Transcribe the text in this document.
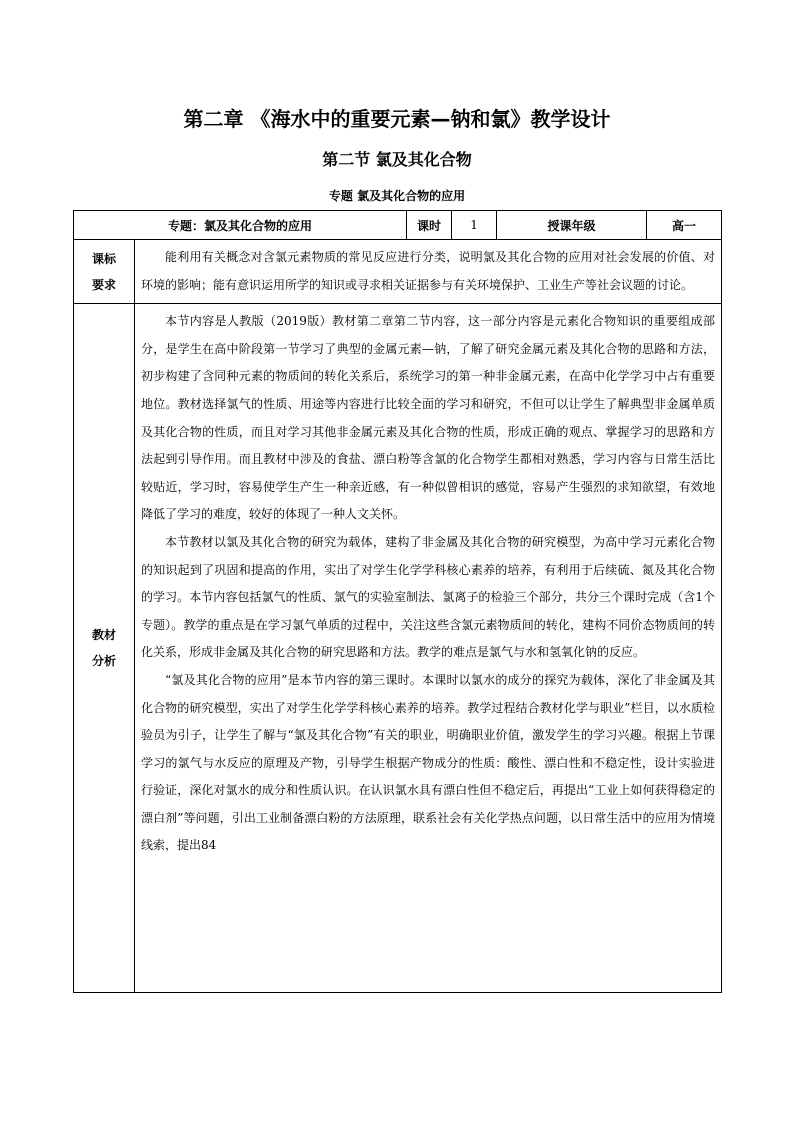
第二章 《海水中的重要元素—钠和氯》教学设计
第二节 氯及其化合物
专题 氯及其化合物的应用
专题：氯及其化合物的应用		课时	1	授课年级	高一

课标要求	能利用有关概念对含氯元素物质的常见反应进行分类，说明氯及其化合物的应用对社会发展的价值、对环境的影响；能有意识运用所学的知识或寻求相关证据参与有关环境保护、工业生产等社会议题的讨论。				

教材分析	本节内容是人教版（2019版）教材第二章第二节内容，这一部分内容是元素化合物知识的重要组成部分，是学生在高中阶段第一节学习了典型的金属元素—钠，了解了研究金属元素及其化合物的思路和方法，初步构建了含同种元素的物质间的转化关系后，系统学习的第一种非金属元素，在高中化学学习中占有重要地位。教材选择氯气的性质、用途等内容进行比较全面的学习和研究，不但可以让学生了解典型非金属单质及其化合物的性质，而且对学习其他非金属元素及其化合物的性质，形成正确的观点、掌握学习的思路和方法起到引导作用。而且教材中涉及的食盐、漂白粉等含氯的化合物学生都相对熟悉，学习内容与日常生活比较贴近，学习时，容易使学生产生一种亲近感，有一种似曾相识的感觉，容易产生强烈的求知欲望，有效地降低了学习的难度，较好的体现了一种人文关怀。

本节教材以氯及其化合物的研究为载体，建构了非金属及其化合物的研究模型，为高中学习元素化合物的知识起到了巩固和提高的作用，实出了对学生化学学科核心素养的培养，有利用于后续硫、氮及其化合物的学习。本节内容包括氯气的性质、氯气的实验室制法、氯离子的检验三个部分，共分三个课时完成（含1个专题）。教学的重点是在学习氯气单质的过程中，关注这些含氯元素物质间的转化，建构不同价态物质间的转化关系，形成非金属及其化合物的研究思路和方法。教学的难点是氯气与水和氢氧化钠的反应。

“氯及其化合物的应用”是本节内容的第三课时。本课时以氯水的成分的探究为载体，深化了非金属及其化合物的研究模型，实出了对学生化学学科核心素养的培养。教学过程结合教材化学与职业”栏目，以水质检验员为引子，让学生了解与“氯及其化合物”有关的职业，明确职业价值，激发学生的学习兴趣。根据上节课学习的氯气与水反应的原理及产物，引导学生根据产物成分的性质：酸性、漂白性和不稳定性，设计实验进行验证，深化对氯水的成分和性质认识。在认识氯水具有漂白性但不稳定后，再提出“工业上如何获得稳定的漂白剂”等问题，引出工业制备漂白粉的方法原理，联系社会有关化学热点问题，以日常生活中的应用为情境线索，提出84				
